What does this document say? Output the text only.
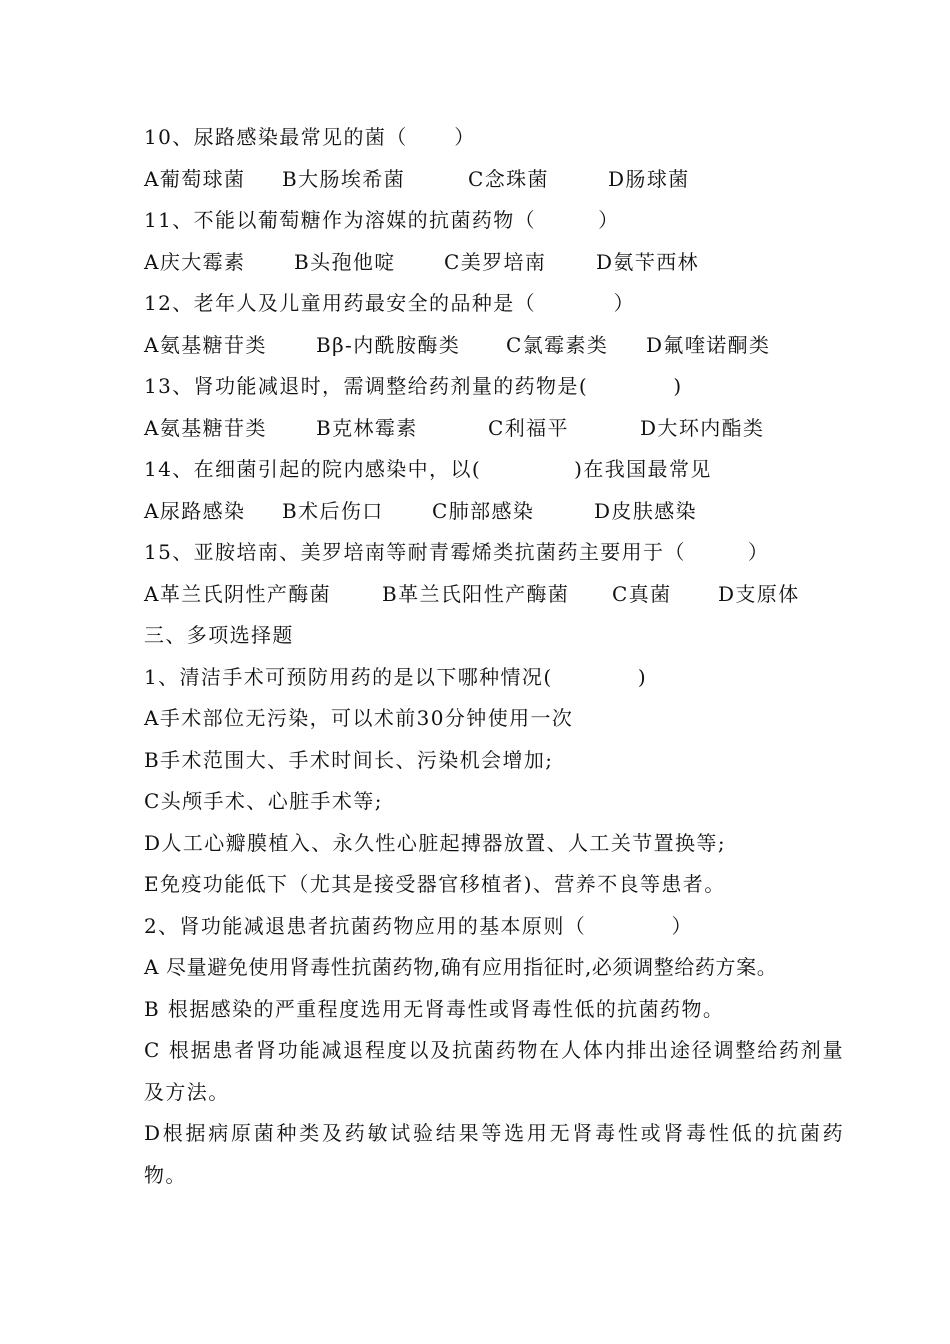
10、尿路感染最常见的菌（      ）
A葡萄球菌	B大肠埃希菌	C念珠菌	D肠球菌
11、不能以葡萄糖作为溶媒的抗菌药物（        ）
A庆大霉素	B头孢他啶	C美罗培南	D氨苄西林
12、老年人及儿童用药最安全的品种是（          ）
A氨基糖苷类	Bβ-内酰胺酶类	C氯霉素类	D氟喹诺酮类
13、肾功能减退时，需调整给药剂量的药物是(           )
A氨基糖苷类	B克林霉素	C利福平	D大环内酯类
14、在细菌引起的院内感染中，以(            )在我国最常见
A尿路感染	B术后伤口	C肺部感染	D皮肤感染
15、亚胺培南、美罗培南等耐青霉烯类抗菌药主要用于（        ）
A革兰氏阴性产酶菌	B革兰氏阳性产酶菌	C真菌	D支原体
三、多项选择题
1、清洁手术可预防用药的是以下哪种情况(           )
A手术部位无污染，可以术前30分钟使用一次
B手术范围大、手术时间长、污染机会增加;
C头颅手术、心脏手术等;
D人工心瓣膜植入、永久性心脏起搏器放置、人工关节置换等;
E免疫功能低下（尤其是接受器官移植者)、营养不良等患者。
2、肾功能减退患者抗菌药物应用的基本原则（           ）
A 尽量避免使用肾毒性抗菌药物,确有应用指征时,必须调整给药方案。
B 根据感染的严重程度选用无肾毒性或肾毒性低的抗菌药物。
C 根据患者肾功能减退程度以及抗菌药物在人体内排出途径调整给药剂量及方法。
D根据病原菌种类及药敏试验结果等选用无肾毒性或肾毒性低的抗菌药物。
